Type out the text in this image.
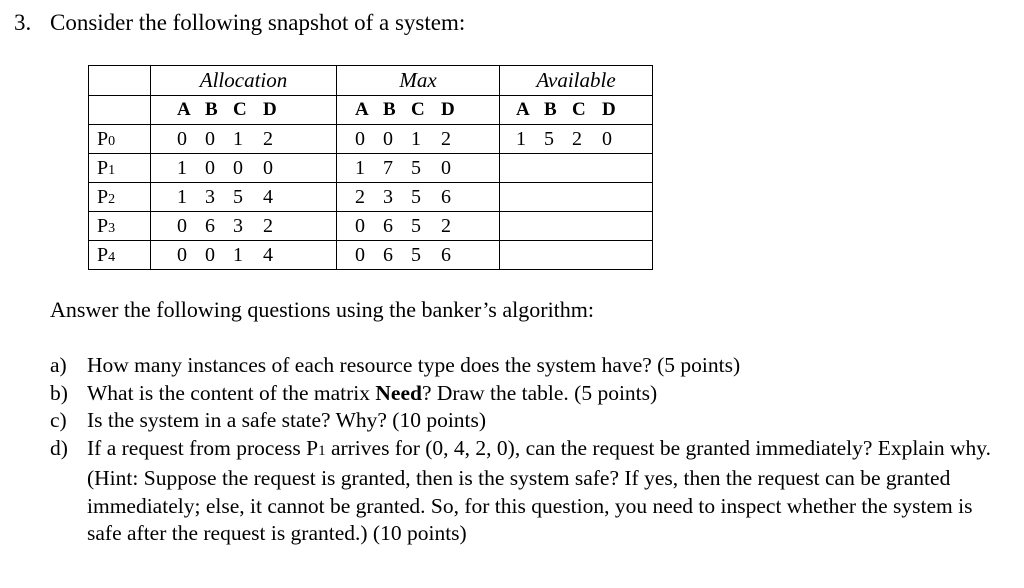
3. Consider the following snapshot of a system:
	Allocation	Max	Available

	A B C D	A B C D	A B C D

P0	0 0 1 2	0 0 1 2	1 5 2 0

P1	1 0 0 0	1 7 5 0	

P2	1 3 5 4	2 3 5 6	

P3	0 6 3 2	0 6 5 2	

P4	0 0 1 4	0 6 5 6	

Answer the following questions using the banker’s algorithm:
a) How many instances of each resource type does the system have? (5 points)
b) What is the content of the matrix Need? Draw the table. (5 points)
c) Is the system in a safe state? Why? (10 points)
d) If a request from process P1 arrives for (0, 4, 2, 0), can the request be granted immediately? Explain why. (Hint: Suppose the request is granted, then is the system safe? If yes, then the request can be granted immediately; else, it cannot be granted. So, for this question, you need to inspect whether the system is safe after the request is granted.) (10 points)
